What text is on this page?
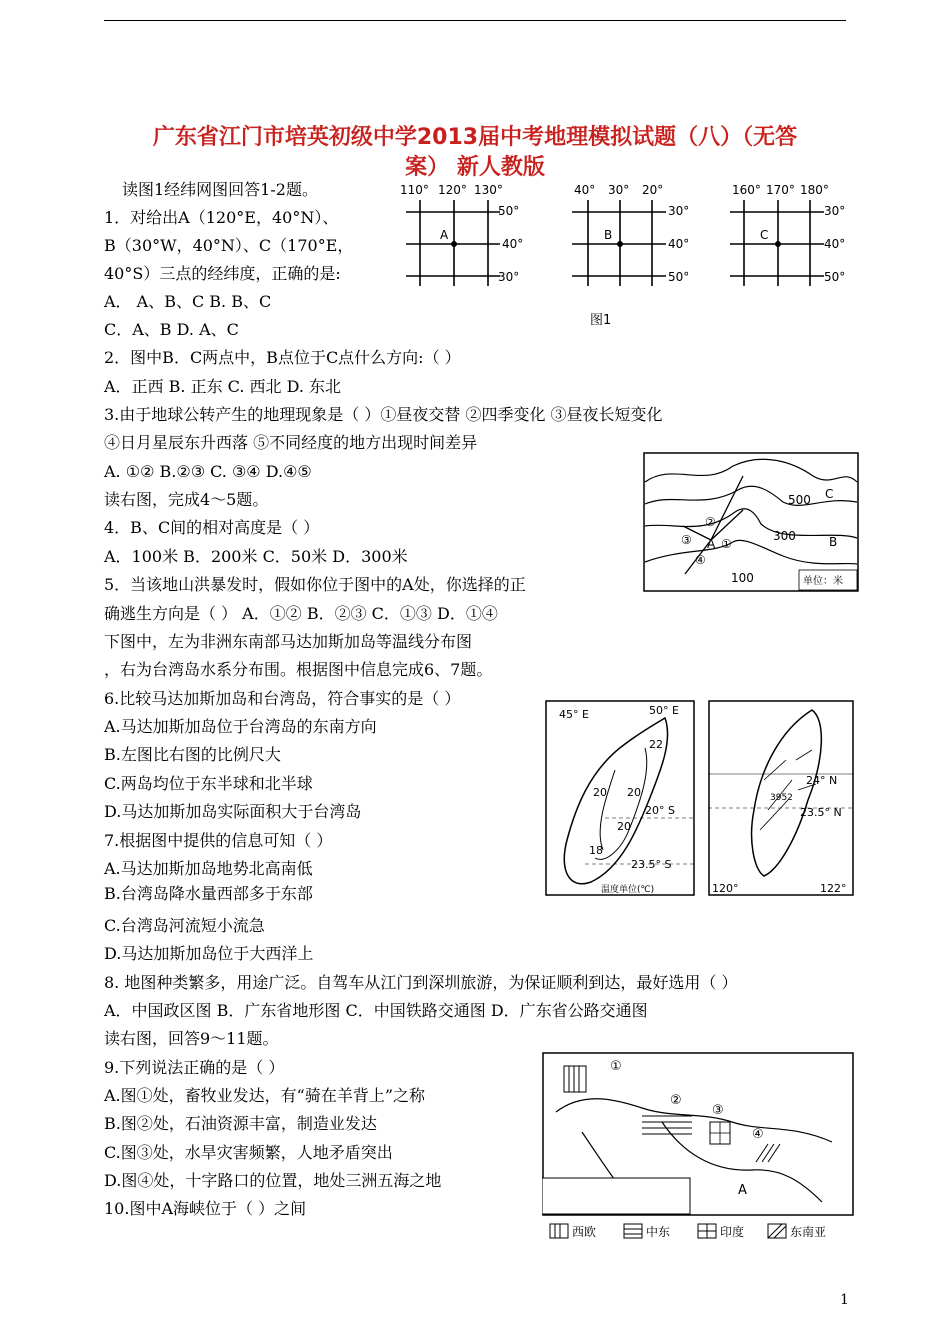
广东省江门市培英初级中学2013届中考地理模拟试题（八）（无答
案） 新人教版
读图1经纬网图回答1-2题。
1．对给出A（120°E，40°N）、
B（30°W，40°N）、C（170°E，
40°S）三点的经纬度，正确的是:
A． A、B、C B. B、C
C．A、B D. A、C
2．图中B．C两点中，B点位于C点什么方向:（ ）
A．正西 B. 正东 C. 西北 D. 东北
3.由于地球公转产生的地理现象是（ ）①昼夜交替 ②四季变化 ③昼夜长短变化
④日月星辰东升西落 ⑤不同经度的地方出现时间差异
A. ①② B.②③ C. ③④ D.④⑤
读右图，完成4～5题。
4．B、C间的相对高度是（ ）
A．100米 B．200米 C．50米 D．300米
5．当该地山洪暴发时，假如你位于图中的A处，你选择的正
确逃生方向是（ ） A．①② B．②③ C．①③ D．①④
下图中，左为非洲东南部马达加斯加岛等温线分布图
，右为台湾岛水系分布围。根据图中信息完成6、7题。
6.比较马达加斯加岛和台湾岛，符合事实的是（ ）
A.马达加斯加岛位于台湾岛的东南方向
B.左图比右图的比例尺大
C.两岛均位于东半球和北半球
D.马达加斯加岛实际面积大于台湾岛
7.根据图中提供的信息可知（ ）
A.马达加斯加岛地势北高南低
B.台湾岛降水量西部多于东部
C.台湾岛河流短小流急
D.马达加斯加岛位于大西洋上
8. 地图种类繁多，用途广泛。自驾车从江门到深圳旅游，为保证顺利到达，最好选用（ ）
A．中国政区图 B．广东省地形图 C．中国铁路交通图 D．广东省公路交通图
读右图，回答9～11题。
9.下列说法正确的是（ ）
A.图①处，畜牧业发达，有“骑在羊背上”之称
B.图②处，石油资源丰富，制造业发达
C.图③处，水旱灾害频繁，人地矛盾突出
D.图④处，十字路口的位置，地处三洲五海之地
10.图中A海峡位于（ ）之间
110° 120° 130°
50°
40°
30°
A
40° 30° 20°
30°
40°
50°
B
160° 170° 180°
30°
40°
50°
C
图1
500 C
300	B
100
A ①
②
③
④
单位：米
45° E	50° E
20° S
23.5° S
22
20 20
20
18
温度单位(℃)	120°	122°
24° N
23.5° N
3952
①
②
③
④
A
西欧	中东	印度	东南亚
1
